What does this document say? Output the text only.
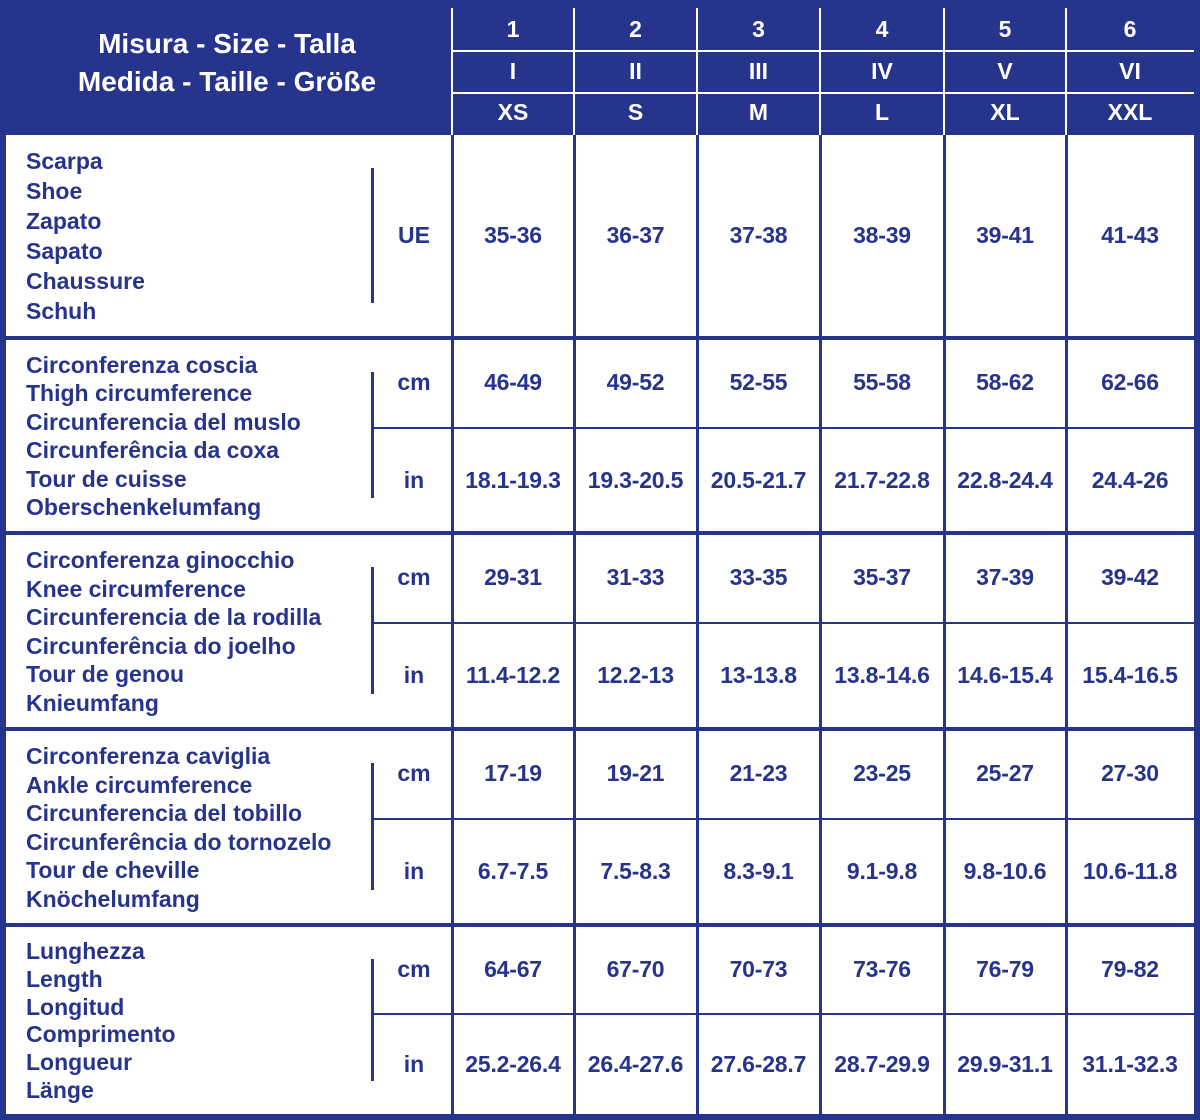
Misura - Size - Talla
Medida - Taille - Größe
1	2	3	4	5	6
I	II	III	IV	V	VI
XS	S	M	L	XL	XXL
Scarpa
Shoe
Zapato
Sapato
Chaussure
Schuh
UE	35-36	36-37	37-38	38-39	39-41	41-43
Circonferenza coscia
Thigh circumference
Circunferencia del muslo
Circunferência da coxa
Tour de cuisse
Oberschenkelumfang
cm	46-49	49-52	52-55	55-58	58-62	62-66
in	18.1-19.3	19.3-20.5	20.5-21.7	21.7-22.8	22.8-24.4	24.4-26
Circonferenza ginocchio
Knee circumference
Circunferencia de la rodilla
Circunferência do joelho
Tour de genou
Knieumfang
cm	29-31	31-33	33-35	35-37	37-39	39-42
in	11.4-12.2	12.2-13	13-13.8	13.8-14.6	14.6-15.4	15.4-16.5
Circonferenza caviglia
Ankle circumference
Circunferencia del tobillo
Circunferência do tornozelo
Tour de cheville
Knöchelumfang
cm	17-19	19-21	21-23	23-25	25-27	27-30
in	6.7-7.5	7.5-8.3	8.3-9.1	9.1-9.8	9.8-10.6	10.6-11.8
Lunghezza
Length
Longitud
Comprimento
Longueur
Länge
cm	64-67	67-70	70-73	73-76	76-79	79-82
in	25.2-26.4	26.4-27.6	27.6-28.7	28.7-29.9	29.9-31.1	31.1-32.3
